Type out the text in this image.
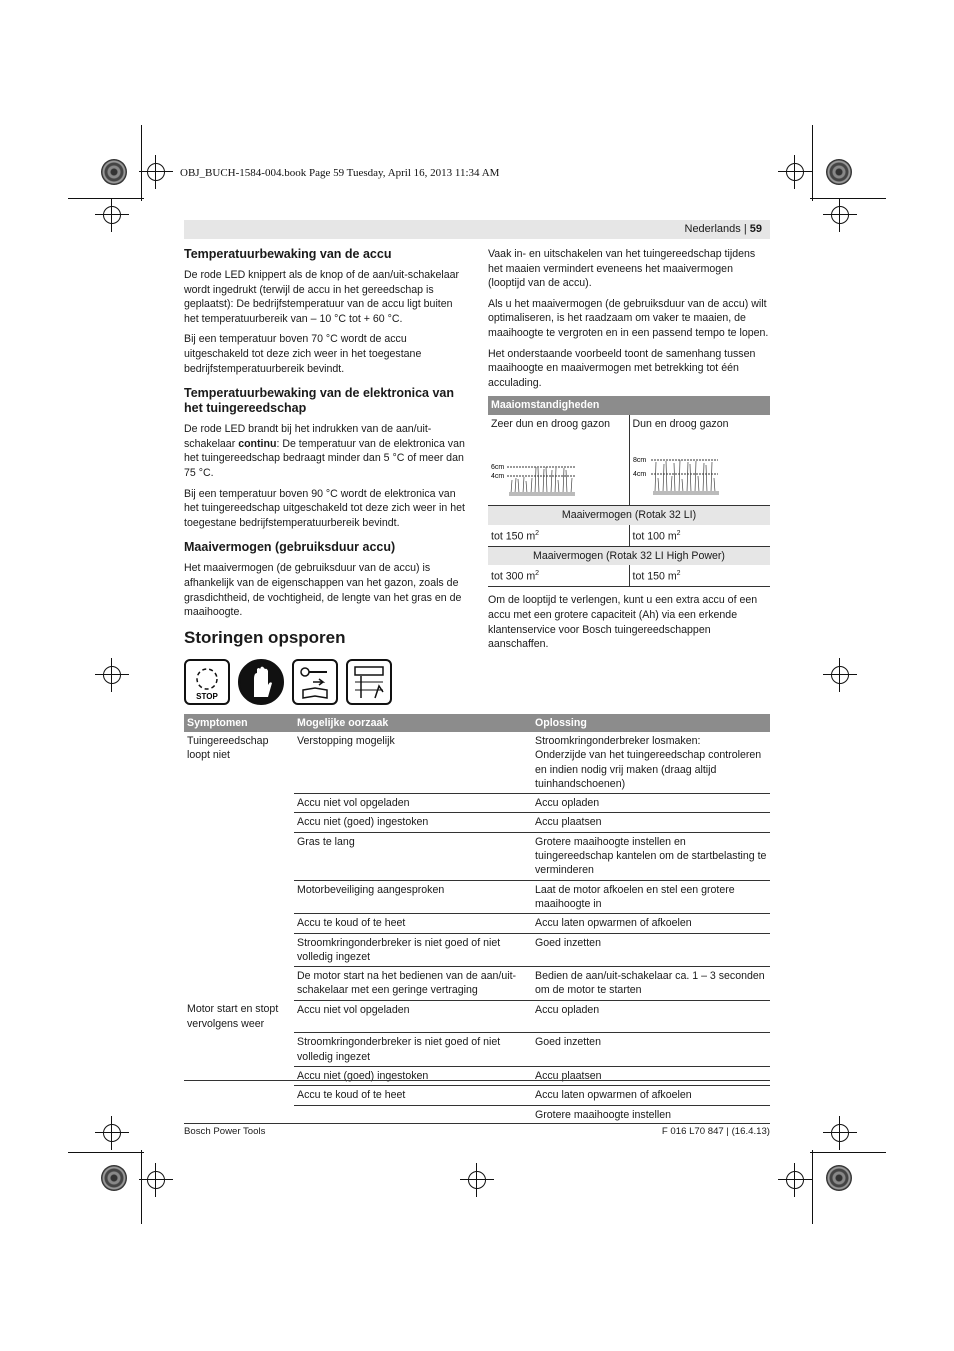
OBJ_BUCH-1584-004.book Page 59 Tuesday, April 16, 2013 11:34 AM
Nederlands | 59
Temperatuurbewaking van de accu

De rode LED knippert als de knop of de aan/uit-schakelaar wordt ingedrukt (terwijl de accu in het gereedschap is geplaatst): De bedrijfstemperatuur van de accu ligt buiten het temperatuurbereik van – 10 °C tot + 60 °C.

Bij een temperatuur boven 70 °C wordt de accu uitgeschakeld tot deze zich weer in het toegestane bedrijfstemperatuurbereik bevindt.

Temperatuurbewaking van de elektronica van het tuingereedschap

De rode LED brandt bij het indrukken van de aan/uit-schakelaar continu: De temperatuur van de elektronica van het tuingereedschap bedraagt minder dan 5 °C of meer dan 75 °C.

Bij een temperatuur boven 90 °C wordt de elektronica van het tuingereedschap uitgeschakeld tot deze zich weer in het toegestane bedrijfstemperatuurbereik bevindt.

Maaivermogen (gebruiksduur accu)

Het maaivermogen (de gebruiksduur van de accu) is afhankelijk van de eigenschappen van het gazon, zoals de grasdichtheid, de vochtigheid, de lengte van het gras en de maaihoogte.

Vaak in- en uitschakelen van het tuingereedschap tijdens het maaien vermindert eveneens het maaivermogen (looptijd van de accu).

Als u het maaivermogen (de gebruiksduur van de accu) wilt optimaliseren, is het raadzaam om vaker te maaien, de maaihoogte te vergroten en in een passend tempo te lopen.

Het onderstaande voorbeeld toont de samenhang tussen maaihoogte en maaivermogen met betrekking tot één acculading.

Maaiomstandigheden	

Zeer dun en droog gazon
6cm
4cm	Dun en droog gazon
8cm
4cm

Maaivermogen (Rotak 32 LI)	
tot 150 $m^2$	tot 100 $m^2$
Maaivermogen (Rotak 32 LI High Power)	
tot 300 $m^2$	tot 150 $m^2$

Om de looptijd te verlengen, kunt u een extra accu of een accu met een grotere capaciteit (Ah) via een erkende klantenservice voor Bosch tuingereedschappen aanschaffen.

Storingen opsporen
STOP
Symptomen	Mogelijke oorzaak	Oplossing
Tuingereedschap loopt niet	Verstopping mogelijk	Stroomkringonderbreker losmaken:
Onderzijde van het tuingereedschap controleren en indien nodig vrij maken (draag altijd tuinhandschoenen)
	Accu niet vol opgeladen	Accu opladen
	Accu niet (goed) ingestoken	Accu plaatsen
	Gras te lang	Grotere maaihoogte instellen en tuingereedschap kantelen om de startbelasting te verminderen
	Motorbeveiliging aangesproken	Laat de motor afkoelen en stel een grotere maaihoogte in
	Accu te koud of te heet	Accu laten opwarmen of afkoelen
	Stroomkringonderbreker is niet goed of niet volledig ingezet	Goed inzetten
	De motor start na het bedienen van de aan/uit-schakelaar met een geringe vertraging	Bedien de aan/uit-schakelaar ca. 1 – 3 seconden om de motor te starten
Motor start en stopt vervolgens weer	Accu niet vol opgeladen	Accu opladen
	Stroomkringonderbreker is niet goed of niet volledig ingezet	Goed inzetten
	Accu niet (goed) ingestoken	Accu plaatsen
	Accu te koud of te heet	Accu laten opwarmen of afkoelen
		Grotere maaihoogte instellen
Bosch Power Tools	F 016 L70 847 | (16.4.13)
